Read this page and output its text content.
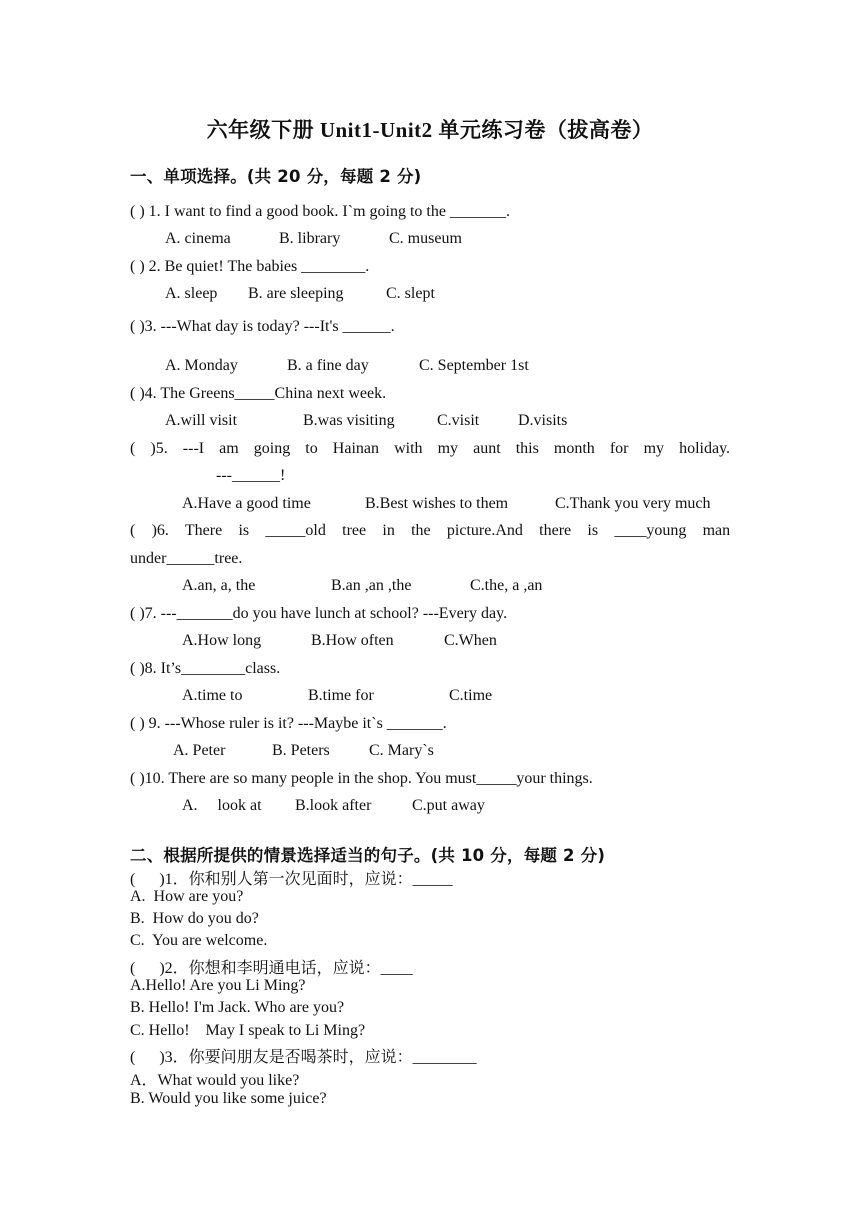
六年级下册 Unit1-Unit2 单元练习卷（拔高卷）
一、单项选择。(共 20 分，每题 2 分)
( ) 1. I want to find a good book. I`m going to the _______.
A. cinema	B. library	C. museum
( ) 2. Be quiet! The babies ________.
A. sleep B. are sleeping	C. slept
( )3. ---What day is today? ---It's ______.
A. Monday	B. a fine day	C. September 1st
( )4. The Greens_____China next week.
A.will visit	B.was visiting	C.visit D.visits
( )5. ---I am going to Hainan with my aunt this month for my holiday.
---______!
A.Have a good time	B.Best wishes to them	C.Thank you very much
( )6. There is _____old tree in the picture.And there is ____young man
under______tree.
A.an, a, the	B.an ,an ,the	C.the, a ,an
( )7. ---_______do you have lunch at school? ---Every day.
A.How long	B.How often	C.When
( )8. It’s________class.
A.time to	B.time for	C.time
( ) 9. ---Whose ruler is it? ---Maybe it`s _______.
A. Peter	B. Peters C. Mary`s
( )10. There are so many people in the shop. You must_____your things.
A.     look at B.look after	C.put away
二、根据所提供的情景选择适当的句子。(共 10 分，每题 2 分)
(      )1．你和别人第一次见面时，应说：_____
A.  How are you?
B.  How do you do?
C.  You are welcome.
(      )2．你想和李明通电话，应说：____
A.Hello! Are you Li Ming?
B. Hello! I'm Jack. Who are you?
C. Hello!    May I speak to Li Ming?
(      )3．你要问朋友是否喝茶时，应说：________
A．What would you like?
B. Would you like some juice?
